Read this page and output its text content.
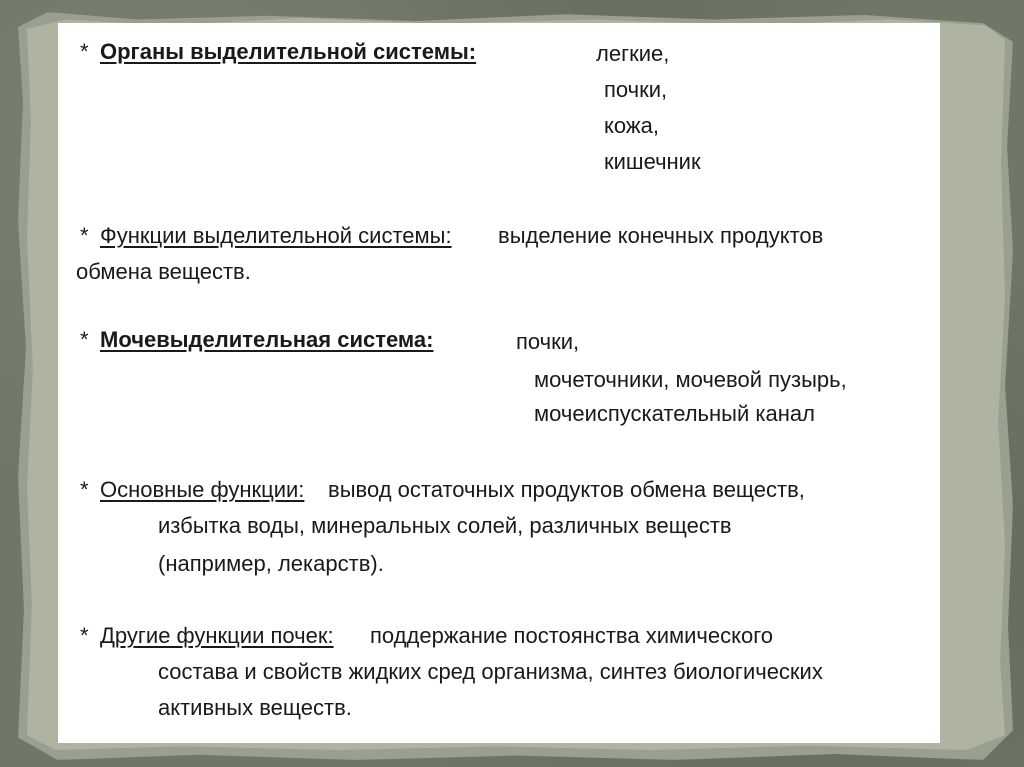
* Органы выделительной системы:	легкие,
почки,
кожа,
кишечник
* Функции выделительной системы: выделение конечных продуктов
обмена веществ.
* Мочевыделительная система:	почки,
мочеточники, мочевой пузырь,
мочеиспускательный канал
* Основные функции: вывод остаточных продуктов обмена веществ,
избытка воды, минеральных солей, различных веществ
(например, лекарств).
* Другие функции почек: поддержание постоянства химического
состава и свойств жидких сред организма, синтез биологических
активных веществ.
